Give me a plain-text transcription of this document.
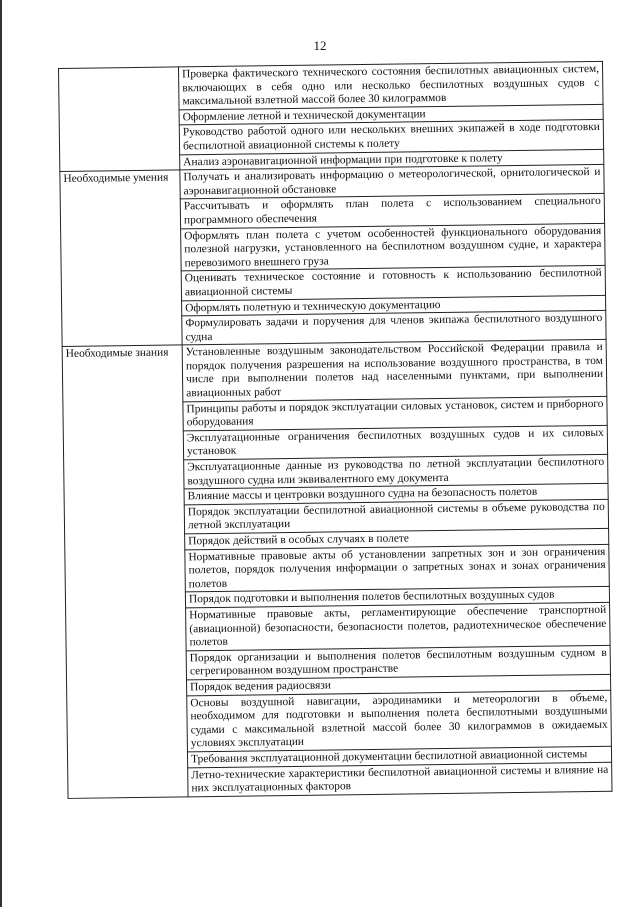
12
	Проверка фактического технического состояния беспилотных авиационных систем, включающих в себя одно или несколько беспилотных воздушных судов с максимальной взлетной массой более 30 килограммов
	Оформление летной и технической документации
	Руководство работой одного или нескольких внешних экипажей в ходе подготовки беспилотной авиационной системы к полету
	Анализ аэронавигационной информации при подготовке к полету
Необходимые умения	Получать и анализировать информацию о метеорологической, орнитологической и аэронавигационной обстановке
	Рассчитывать и оформлять план полета с использованием специального программного обеспечения
	Оформлять план полета с учетом особенностей функционального оборудования полезной нагрузки, установленного на беспилотном воздушном судне, и характера перевозимого внешнего груза
	Оценивать техническое состояние и готовность к использованию беспилотной авиационной системы
	Оформлять полетную и техническую документацию
	Формулировать задачи и поручения для членов экипажа беспилотного воздушного судна
Необходимые знания	Установленные воздушным законодательством Российской Федерации правила и порядок получения разрешения на использование воздушного пространства, в том числе при выполнении полетов над населенными пунктами, при выполнении авиационных работ
	Принципы работы и порядок эксплуатации силовых установок, систем и приборного оборудования
	Эксплуатационные ограничения беспилотных воздушных судов и их силовых установок
	Эксплуатационные данные из руководства по летной эксплуатации беспилотного воздушного судна или эквивалентного ему документа
	Влияние массы и центровки воздушного судна на безопасность полетов
	Порядок эксплуатации беспилотной авиационной системы в объеме руководства по летной эксплуатации
	Порядок действий в особых случаях в полете
	Нормативные правовые акты об установлении запретных зон и зон ограничения полетов, порядок получения информации о запретных зонах и зонах ограничения полетов
	Порядок подготовки и выполнения полетов беспилотных воздушных судов
	Нормативные правовые акты, регламентирующие обеспечение транспортной (авиационной) безопасности, безопасности полетов, радиотехническое обеспечение полетов
	Порядок организации и выполнения полетов беспилотным воздушным судном в сегрегированном воздушном пространстве
	Порядок ведения радиосвязи
	Основы воздушной навигации, аэродинамики и метеорологии в объеме, необходимом для подготовки и выполнения полета беспилотными воздушными судами с максимальной взлетной массой более 30 килограммов в ожидаемых условиях эксплуатации
	Требования эксплуатационной документации беспилотной авиационной системы
	Летно-технические характеристики беспилотной авиационной системы и влияние на них эксплуатационных факторов
